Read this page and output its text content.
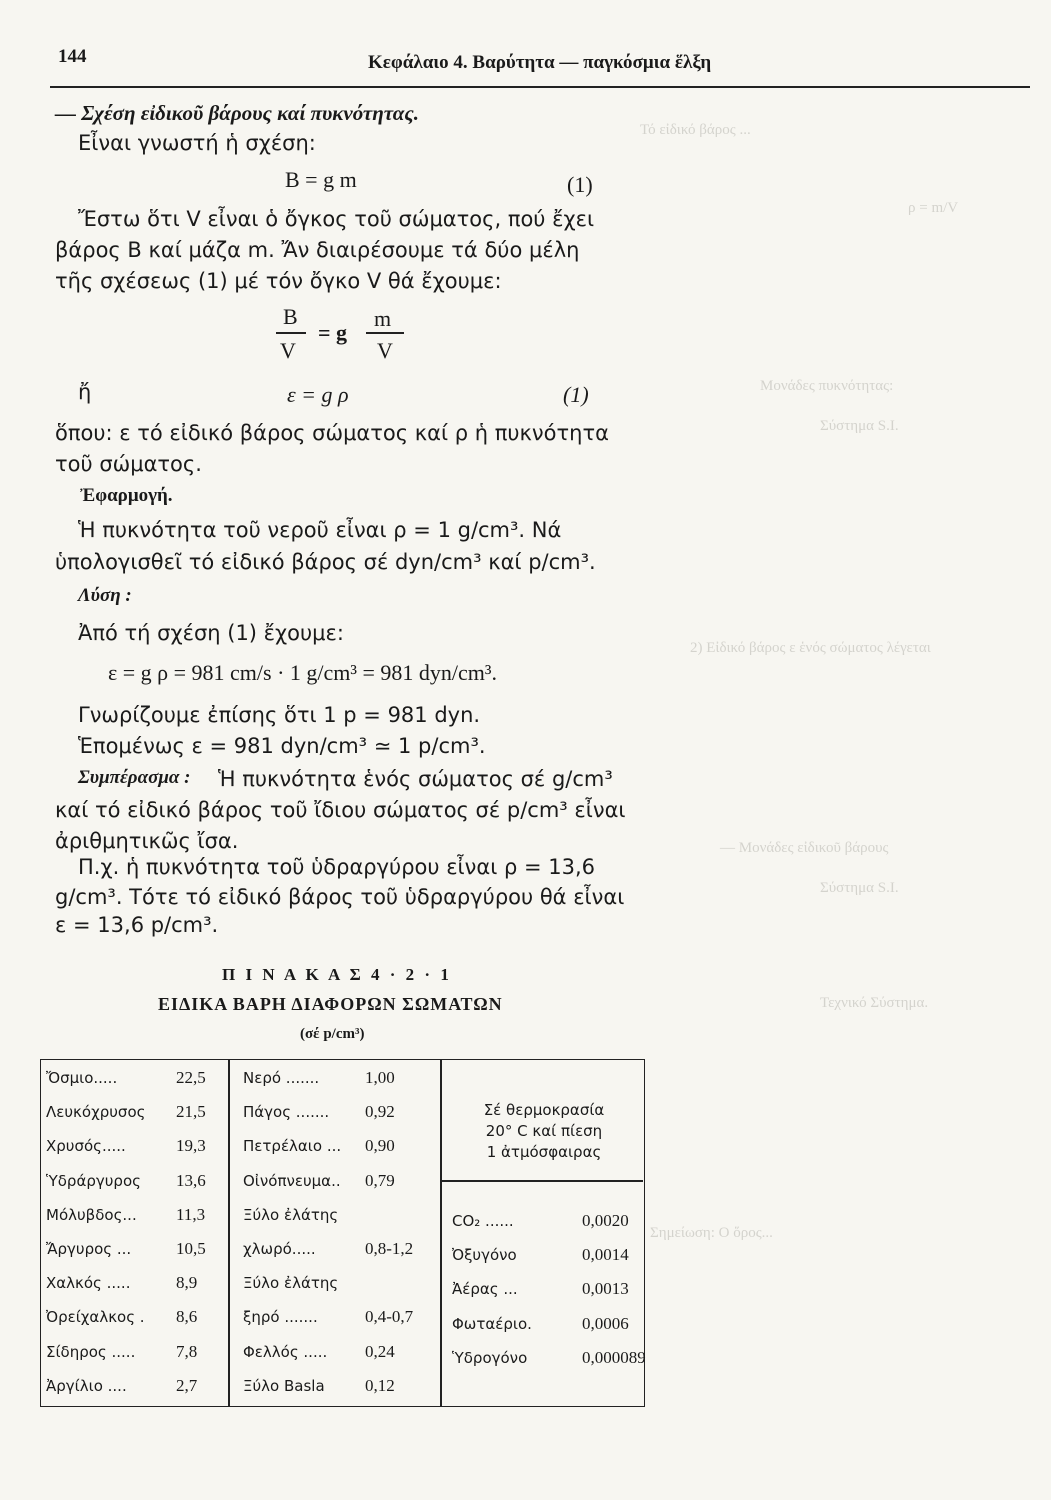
Τό εἰδικό βάρος ...
ρ = m/V
Μονάδες πυκνότητας:
Σύστημα S.I.
2) Εἰδικό βάρος ε ἑνός σώματος λέγεται
— Μονάδες εἰδικοῦ βάρους
Σύστημα S.I.
Τεχνικό Σύστημα.
Σημείωση: Ο ὅρος...
144	Κεφάλαιο 4. Βαρύτητα — παγκόσμια ἕλξη
— Σχέση εἰδικοῦ βάρους καί πυκνότητας.
Εἶναι γνωστή ἡ σχέση:
B = g m	(1)
Ἔστω ὅτι V εἶναι ὁ ὄγκος τοῦ σώματος, πού ἔχει
βάρος B καί μάζα m. Ἄν διαιρέσουμε τά δύο μέλη
τῆς σχέσεως (1) μέ τόν ὄγκο V θά ἔχουμε:
B
V
= g
m
V
ἤ	ε = g ρ	(1)
ὅπου: ε τό εἰδικό βάρος σώματος καί ρ ἡ πυκνότητα
τοῦ σώματος.
Ἐφαρμογή.
Ἡ πυκνότητα τοῦ νεροῦ εἶναι ρ = 1 g/cm³. Νά
ὑπολογισθεῖ τό εἰδικό βάρος σέ dyn/cm³ καί p/cm³.
Λύση :
Ἀπό τή σχέση (1) ἔχουμε:
ε = g ρ = 981 cm/s · 1 g/cm³ = 981 dyn/cm³.
Γνωρίζουμε ἐπίσης ὅτι 1 p = 981 dyn.
Ἑπομένως ε = 981 dyn/cm³ ≃ 1 p/cm³.
Συμπέρασμα : Ἡ πυκνότητα ἑνός σώματος σέ g/cm³
καί τό εἰδικό βάρος τοῦ ἴδιου σώματος σέ p/cm³ εἶναι
ἀριθμητικῶς ἴσα.
Π.χ. ἡ πυκνότητα τοῦ ὑδραργύρου εἶναι ρ = 13,6
g/cm³. Τότε τό εἰδικό βάρος τοῦ ὑδραργύρου θά εἶναι
ε = 13,6 p/cm³.
Π Ι Ν Α Κ Α Σ 4 · 2 · 1
ΕΙΔΙΚΑ ΒΑΡΗ ΔΙΑΦΟΡΩΝ ΣΩΜΑΤΩΝ
(σέ p/cm³)
Ὄσμιο.....	22,5
Λευκόχρυσος 21,5
Χρυσός.....	19,3
Ὑδράργυρος 13,6
Μόλυβδος... 11,3
Ἄργυρος ...	10,5
Χαλκός .....	8,9
Ὀρείχαλκος . 8,6
Σίδηρος ..... 7,8
Ἀργίλιο ....	2,7
Νερό .......	1,00
Πάγος ....... 0,92
Πετρέλαιο ... 0,90
Οἰνόπνευμα.. 0,79
Ξύλο ἐλάτης
χλωρό.....	0,8-1,2
Ξύλο ἐλάτης
ξηρό .......	0,4-0,7
Φελλός ..... 0,24
Ξύλο Basla 0,12
Σέ θερμοκρασία
20° C καί πίεση
1 ἀτμόσφαιρας
CO₂ ......	0,0020
Ὀξυγόνο	0,0014
Ἀέρας ...	0,0013
Φωταέριο.	0,0006
Ὑδρογόνο	0,000089
